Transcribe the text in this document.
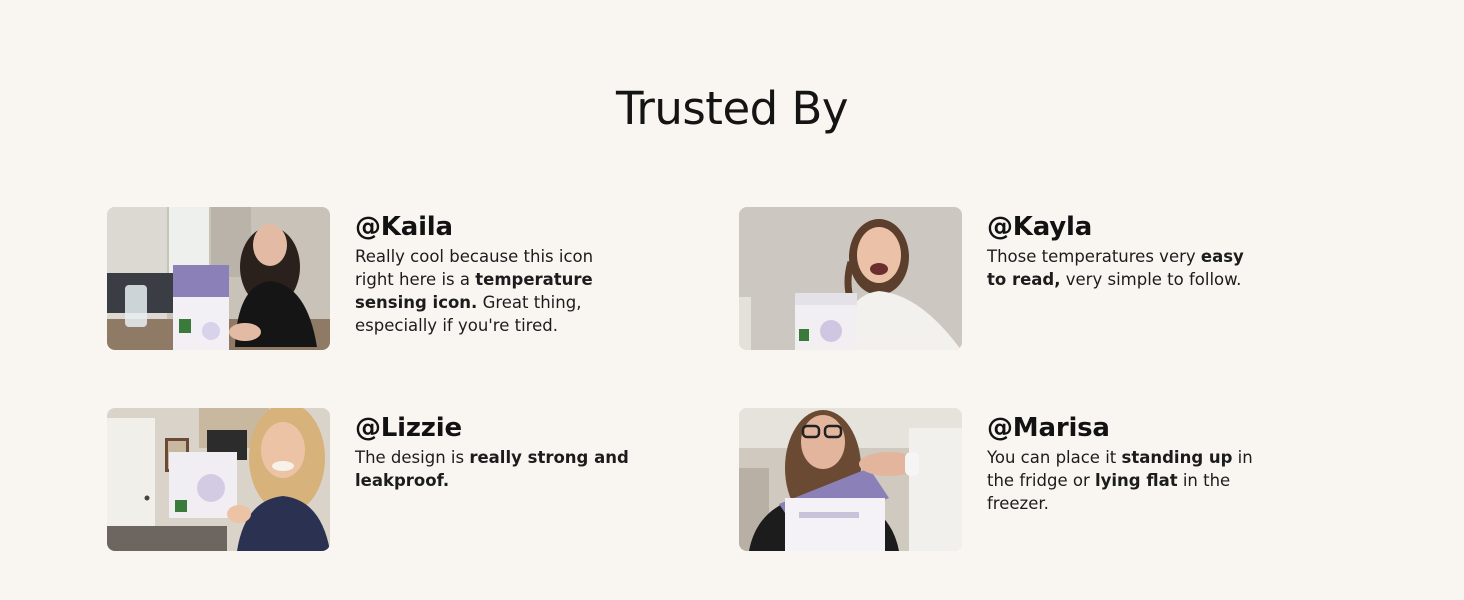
Trusted By
@Kaila
Really cool because this icon right here is a temperature sensing icon. Great thing, especially if you're tired.
@Kayla
Those temperatures very easy to read, very simple to follow.
@Lizzie
The design is really strong and leakproof.
@Marisa
You can place it standing up in the fridge or lying flat in the freezer.
